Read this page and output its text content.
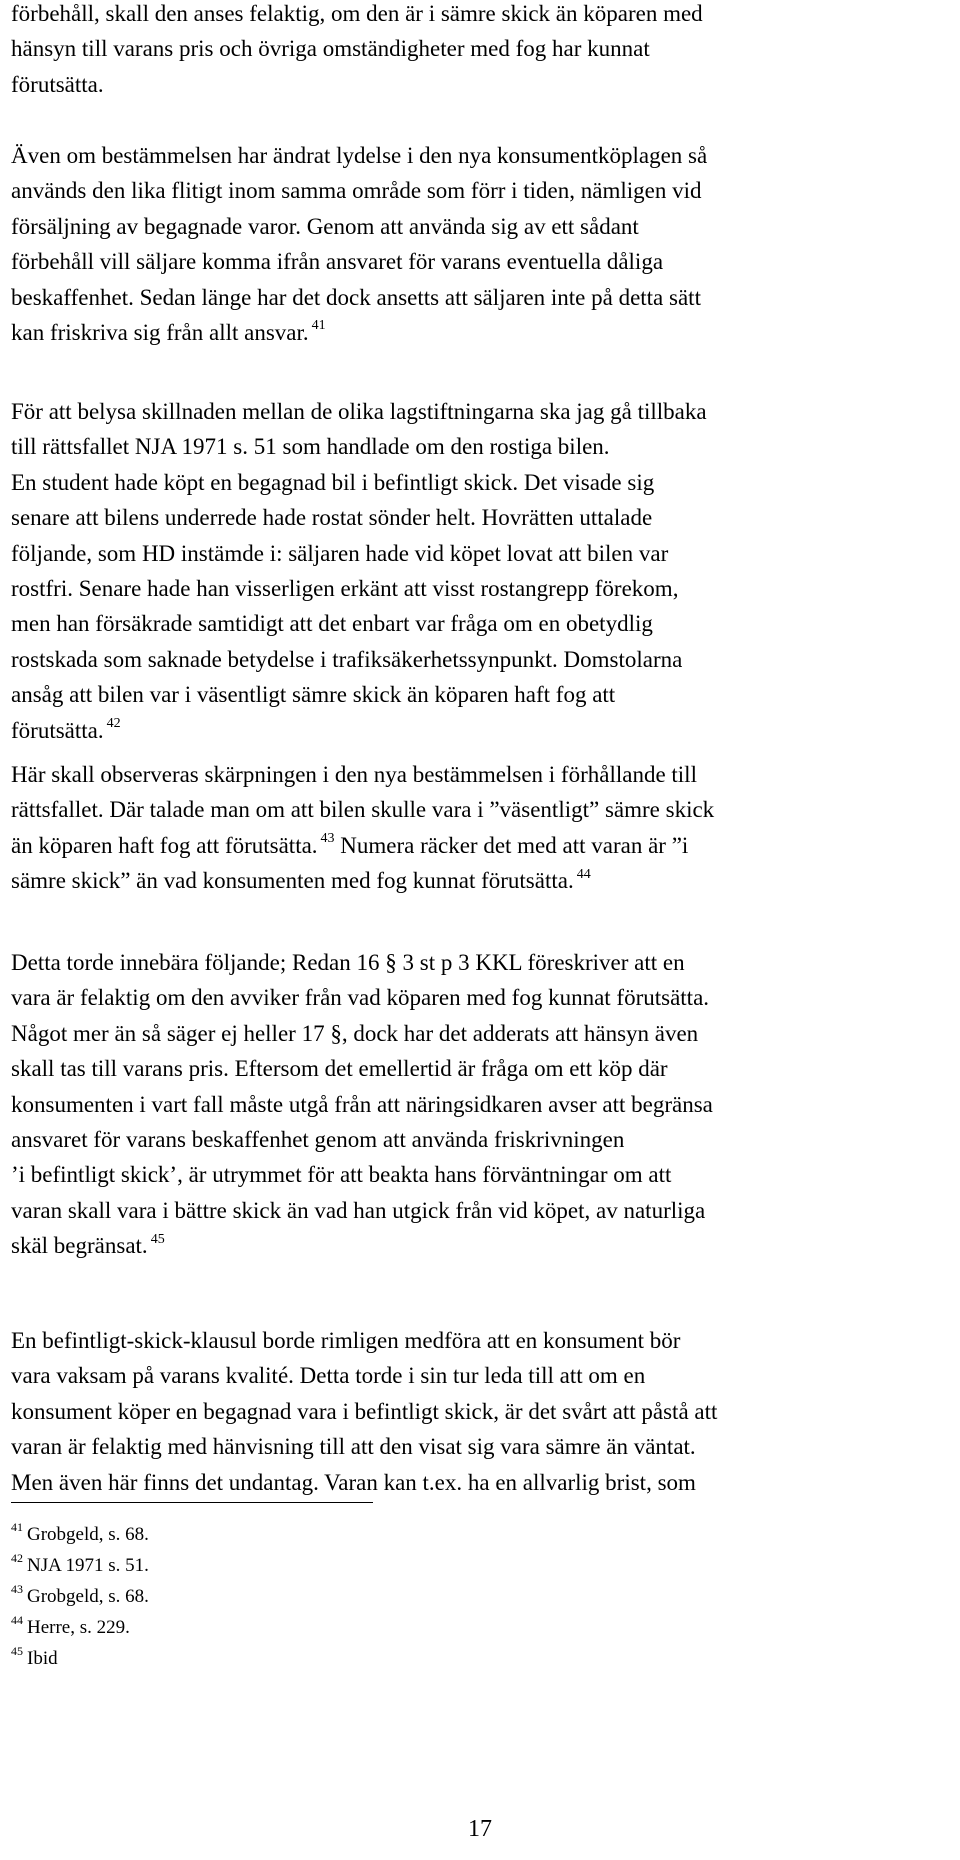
förbehåll, skall den anses felaktig, om den är i sämre skick än köparen med
hänsyn till varans pris och övriga omständigheter med fog har kunnat
förutsätta.

Även om bestämmelsen har ändrat lydelse i den nya konsumentköplagen så
används den lika flitigt inom samma område som förr i tiden, nämligen vid
försäljning av begagnade varor. Genom att använda sig av ett sådant
förbehåll vill säljare komma ifrån ansvaret för varans eventuella dåliga
beskaffenhet. Sedan länge har det dock ansetts att säljaren inte på detta sätt
kan friskriva sig från allt ansvar. $^{41}$

För att belysa skillnaden mellan de olika lagstiftningarna ska jag gå tillbaka
till rättsfallet NJA 1971 s. 51 som handlade om den rostiga bilen.
En student hade köpt en begagnad bil i befintligt skick. Det visade sig
senare att bilens underrede hade rostat sönder helt. Hovrätten uttalade
följande, som HD instämde i: säljaren hade vid köpet lovat att bilen var
rostfri. Senare hade han visserligen erkänt att visst rostangrepp förekom,
men han försäkrade samtidigt att det enbart var fråga om en obetydlig
rostskada som saknade betydelse i trafiksäkerhetssynpunkt. Domstolarna
ansåg att bilen var i väsentligt sämre skick än köparen haft fog att
förutsätta. $^{42}$

Här skall observeras skärpningen i den nya bestämmelsen i förhållande till
rättsfallet. Där talade man om att bilen skulle vara i ”väsentligt” sämre skick
än köparen haft fog att förutsätta. $^{43}$ Numera räcker det med att varan är ”i
sämre skick” än vad konsumenten med fog kunnat förutsätta. $^{44}$

Detta torde innebära följande; Redan 16 § 3 st p 3 KKL föreskriver att en
vara är felaktig om den avviker från vad köparen med fog kunnat förutsätta.
Något mer än så säger ej heller 17 §, dock har det adderats att hänsyn även
skall tas till varans pris. Eftersom det emellertid är fråga om ett köp där
konsumenten i vart fall måste utgå från att näringsidkaren avser att begränsa
ansvaret för varans beskaffenhet genom att använda friskrivningen
’i befintligt skick’, är utrymmet för att beakta hans förväntningar om att
varan skall vara i bättre skick än vad han utgick från vid köpet, av naturliga
skäl begränsat. $^{45}$

En befintligt-skick-klausul borde rimligen medföra att en konsument bör
vara vaksam på varans kvalité. Detta torde i sin tur leda till att om en
konsument köper en begagnad vara i befintligt skick, är det svårt att påstå att
varan är felaktig med hänvisning till att den visat sig vara sämre än väntat.
Men även här finns det undantag. Varan kan t.ex. ha en allvarlig brist, som

$^{41}$ Grobgeld, s. 68.
$^{42}$ NJA 1971 s. 51.
$^{43}$ Grobgeld, s. 68.
$^{44}$ Herre, s. 229.
$^{45}$ Ibid
17
